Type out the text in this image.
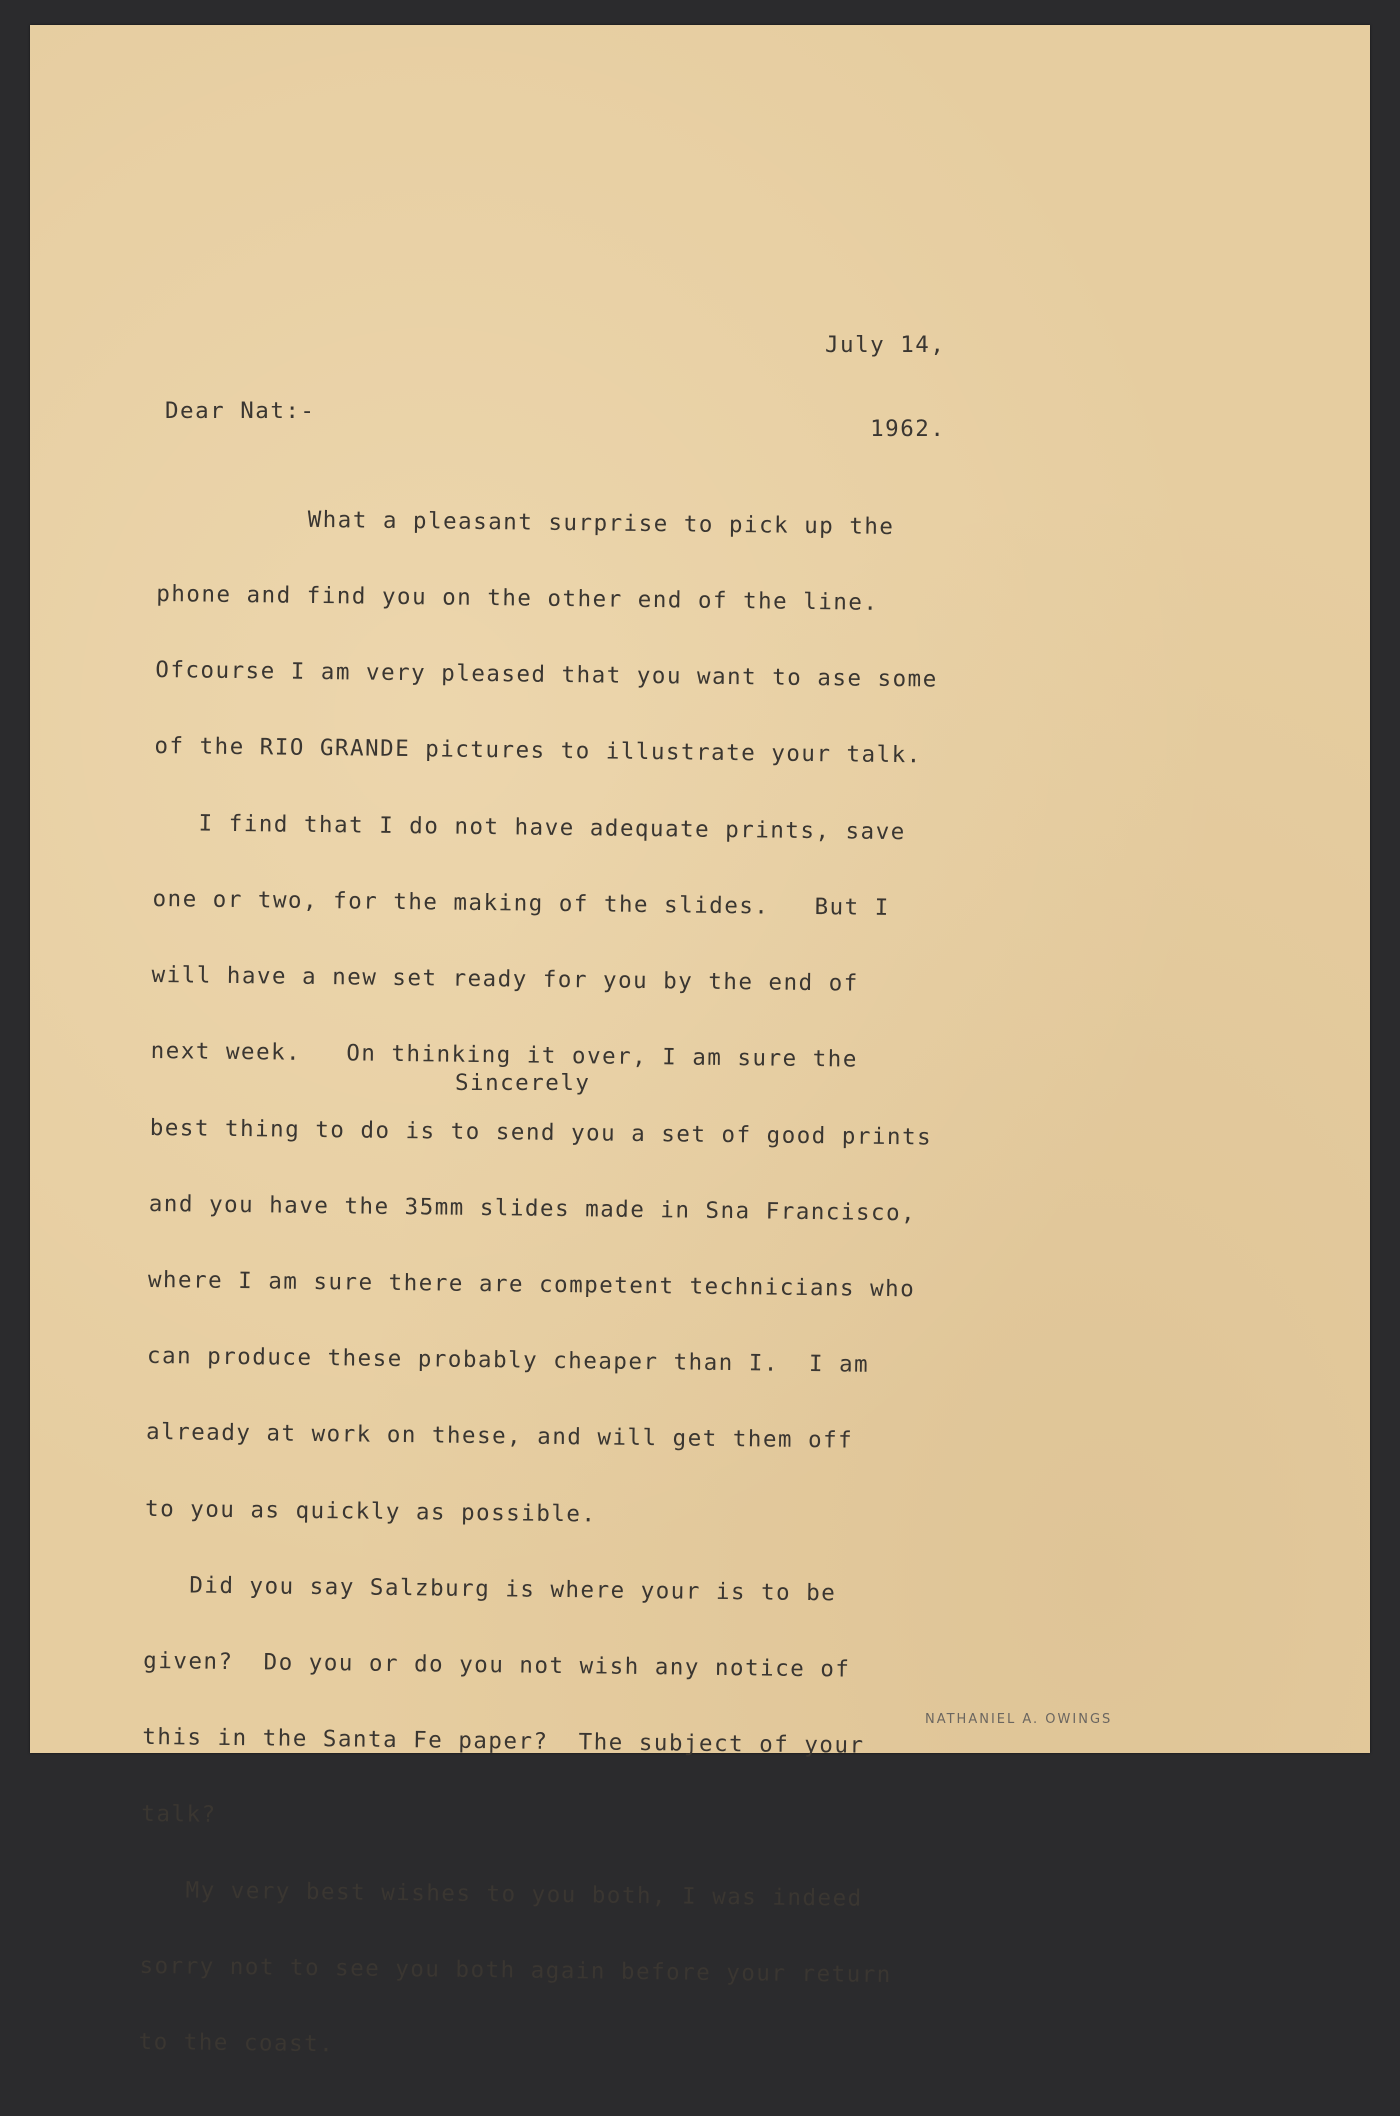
July 14,

1962.

Dear Nat:-

What a pleasant surprise to pick up the

phone and find you on the other end of the line.

Ofcourse I am very pleased that you want to ase some

of the RIO GRANDE pictures to illustrate your talk.

I find that I do not have adequate prints, save

one or two, for the making of the slides.   But I

will have a new set ready for you by the end of

next week.   On thinking it over, I am sure the

best thing to do is to send you a set of good prints

and you have the 35mm slides made in Sna Francisco,

where I am sure there are competent technicians who

can produce these probably cheaper than I.  I am

already at work on these, and will get them off

to you as quickly as possible.

Did you say Salzburg is where your is to be

given?  Do you or do you not wish any notice of

this in the Santa Fe paper?  The subject of your

talk?

My very best wishes to you both, I was indeed

sorry not to see you both again before your return

to the coast.

Sincerely
NATHANIEL A. OWINGS
